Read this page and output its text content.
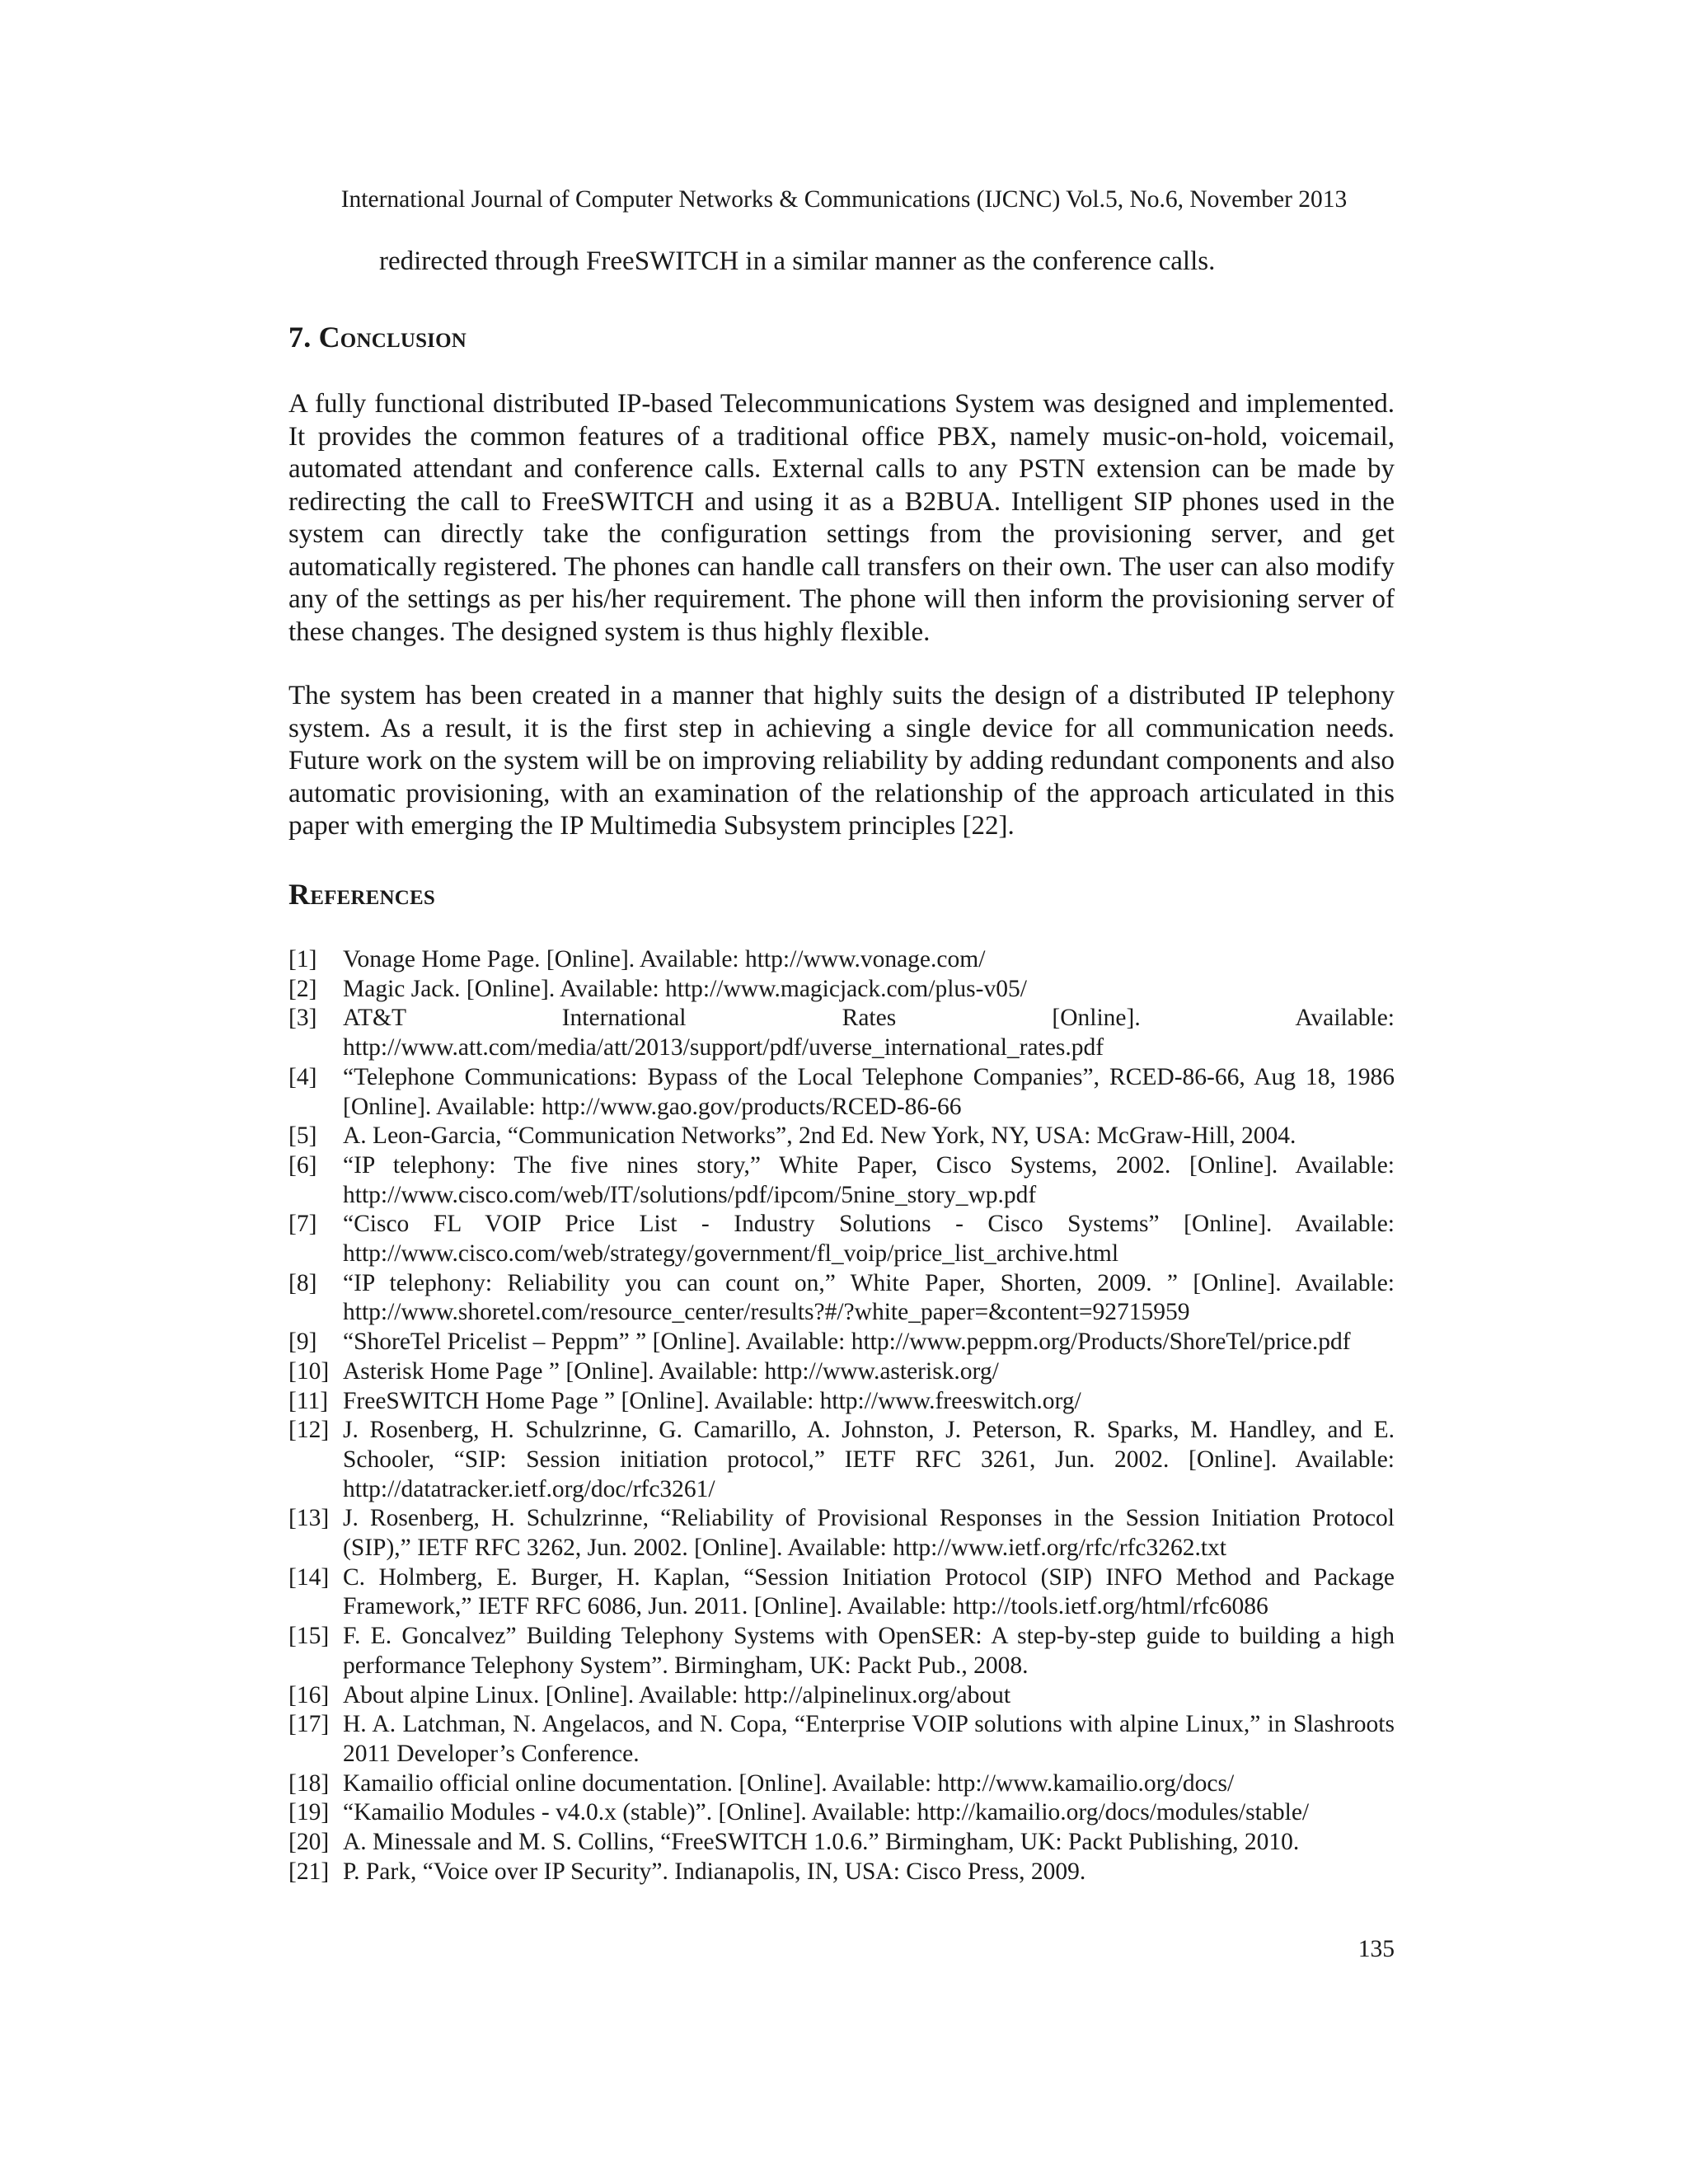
International Journal of Computer Networks & Communications (IJCNC) Vol.5, No.6, November 2013
redirected through FreeSWITCH in a similar manner as the conference calls.
7. Conclusion

A fully functional distributed IP-based Telecommunications System was designed and implemented. It provides the common features of a traditional office PBX, namely music-on-hold, voicemail, automated attendant and conference calls. External calls to any PSTN extension can be made by redirecting the call to FreeSWITCH and using it as a B2BUA. Intelligent SIP phones used in the system can directly take the configuration settings from the provisioning server, and get automatically registered. The phones can handle call transfers on their own. The user can also modify any of the settings as per his/her requirement. The phone will then inform the provisioning server of these changes. The designed system is thus highly flexible.

The system has been created in a manner that highly suits the design of a distributed IP telephony system. As a result, it is the first step in achieving a single device for all communication needs. Future work on the system will be on improving reliability by adding redundant components and also automatic provisioning, with an examination of the relationship of the approach articulated in this paper with emerging the IP Multimedia Subsystem principles [22].

References
[1] Vonage Home Page. [Online]. Available: http://www.vonage.com/
[2] Magic Jack. [Online]. Available: http://www.magicjack.com/plus-v05/
[3] AT&T International Rates [Online]. Available: http://www.att.com/media/att/2013/support/pdf/uverse_international_rates.pdf
[4] “Telephone Communications: Bypass of the Local Telephone Companies”, RCED-86-66, Aug 18, 1986 [Online]. Available: http://www.gao.gov/products/RCED-86-66
[5] A. Leon-Garcia, “Communication Networks”, 2nd Ed. New York, NY, USA: McGraw-Hill, 2004.
[6] “IP telephony: The five nines story,” White Paper, Cisco Systems, 2002. [Online]. Available: http://www.cisco.com/web/IT/solutions/pdf/ipcom/5nine_story_wp.pdf
[7] “Cisco FL VOIP Price List - Industry Solutions - Cisco Systems” [Online]. Available: http://www.cisco.com/web/strategy/government/fl_voip/price_list_archive.html
[8] “IP telephony: Reliability you can count on,” White Paper, Shorten, 2009. ” [Online]. Available: http://www.shoretel.com/resource_center/results?#/?white_paper=&content=92715959
[9] “ShoreTel Pricelist – Peppm” ” [Online]. Available: http://www.peppm.org/Products/ShoreTel/price.pdf
[10] Asterisk Home Page ” [Online]. Available: http://www.asterisk.org/
[11] FreeSWITCH Home Page ” [Online]. Available: http://www.freeswitch.org/
[12] J. Rosenberg, H. Schulzrinne, G. Camarillo, A. Johnston, J. Peterson, R. Sparks, M. Handley, and E. Schooler, “SIP: Session initiation protocol,” IETF RFC 3261, Jun. 2002. [Online]. Available: http://datatracker.ietf.org/doc/rfc3261/
[13] J. Rosenberg, H. Schulzrinne, “Reliability of Provisional Responses in the Session Initiation Protocol (SIP),” IETF RFC 3262, Jun. 2002. [Online]. Available: http://www.ietf.org/rfc/rfc3262.txt
[14] C. Holmberg, E. Burger, H. Kaplan, “Session Initiation Protocol (SIP) INFO Method and Package Framework,” IETF RFC 6086, Jun. 2011. [Online]. Available: http://tools.ietf.org/html/rfc6086
[15] F. E. Goncalvez” Building Telephony Systems with OpenSER: A step-by-step guide to building a high performance Telephony System”. Birmingham, UK: Packt Pub., 2008.
[16] About alpine Linux. [Online]. Available: http://alpinelinux.org/about
[17] H. A. Latchman, N. Angelacos, and N. Copa, “Enterprise VOIP solutions with alpine Linux,” in Slashroots 2011 Developer’s Conference.
[18] Kamailio official online documentation. [Online]. Available: http://www.kamailio.org/docs/
[19] “Kamailio Modules - v4.0.x (stable)”. [Online]. Available: http://kamailio.org/docs/modules/stable/
[20] A. Minessale and M. S. Collins, “FreeSWITCH 1.0.6.” Birmingham, UK: Packt Publishing, 2010.
[21] P. Park, “Voice over IP Security”. Indianapolis, IN, USA: Cisco Press, 2009.
135
